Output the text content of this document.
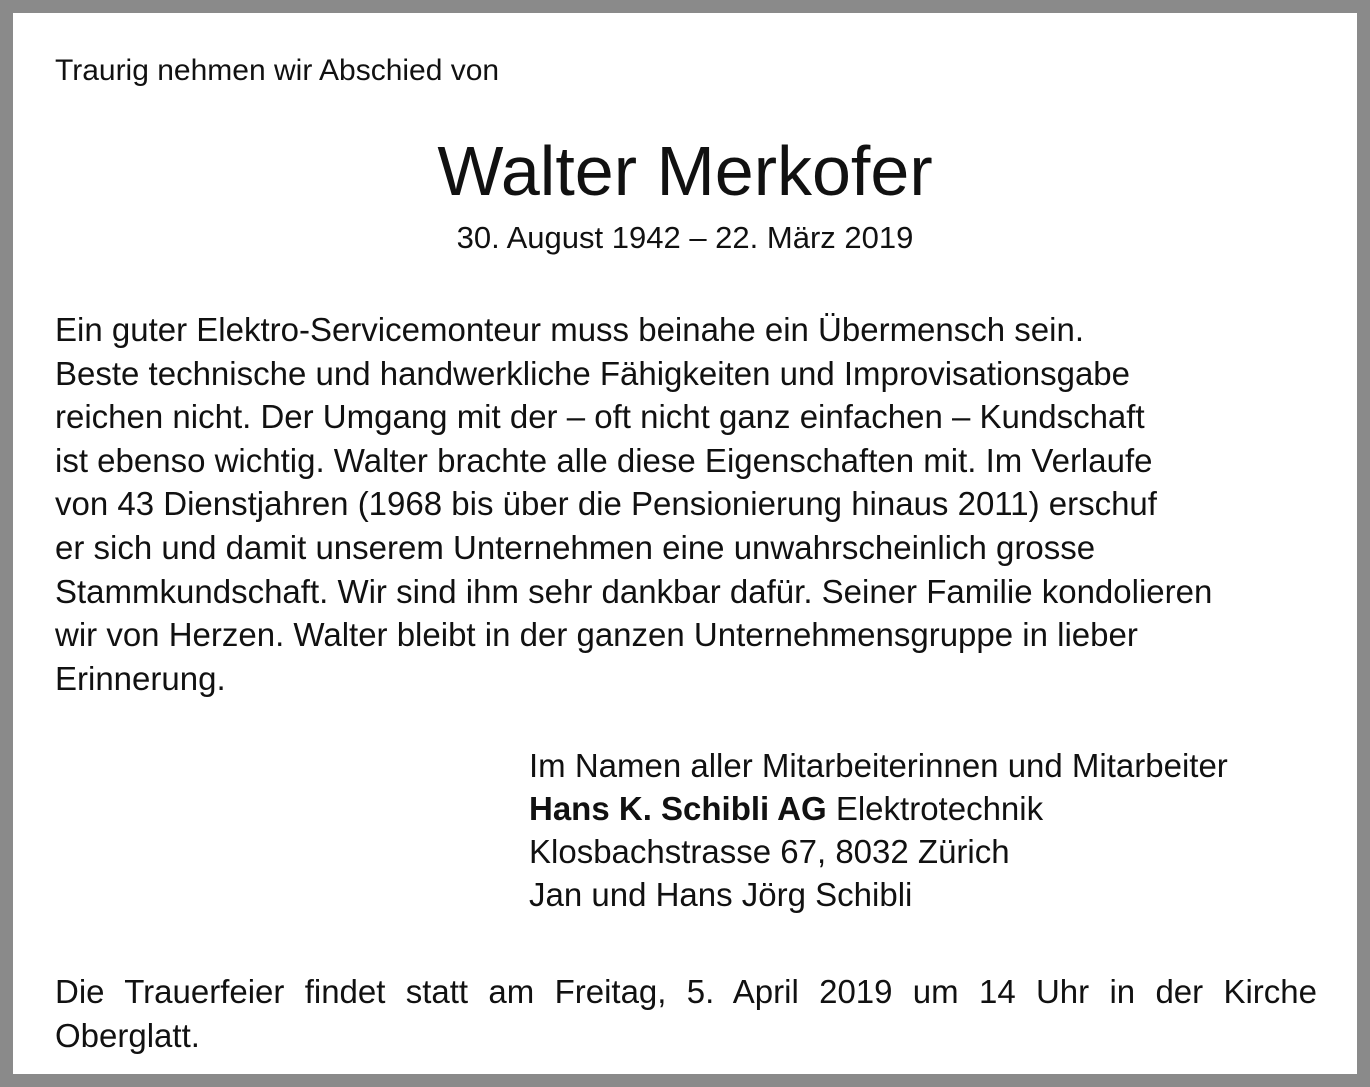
Traurig nehmen wir Abschied von
Walter Merkofer
30. August 1942 – 22. März 2019
Ein guter Elektro-Servicemonteur muss beinahe ein Übermensch sein.
Beste technische und handwerkliche Fähigkeiten und Improvisationsgabe
reichen nicht. Der Umgang mit der – oft nicht ganz einfachen – Kundschaft
ist ebenso wichtig. Walter brachte alle diese Eigenschaften mit. Im Verlaufe
von 43 Dienstjahren (1968 bis über die Pensionierung hinaus 2011) erschuf
er sich und damit unserem Unternehmen eine unwahrscheinlich grosse
Stammkundschaft. Wir sind ihm sehr dankbar dafür. Seiner Familie kondolieren
wir von Herzen. Walter bleibt in der ganzen Unternehmensgruppe in lieber
Erinnerung.
Im Namen aller Mitarbeiterinnen und Mitarbeiter
Hans K. Schibli AG Elektrotechnik
Klosbachstrasse 67, 8032 Zürich
Jan und Hans Jörg Schibli
Die Trauerfeier findet statt am Freitag, 5. April 2019 um 14 Uhr in der Kirche
Oberglatt.
